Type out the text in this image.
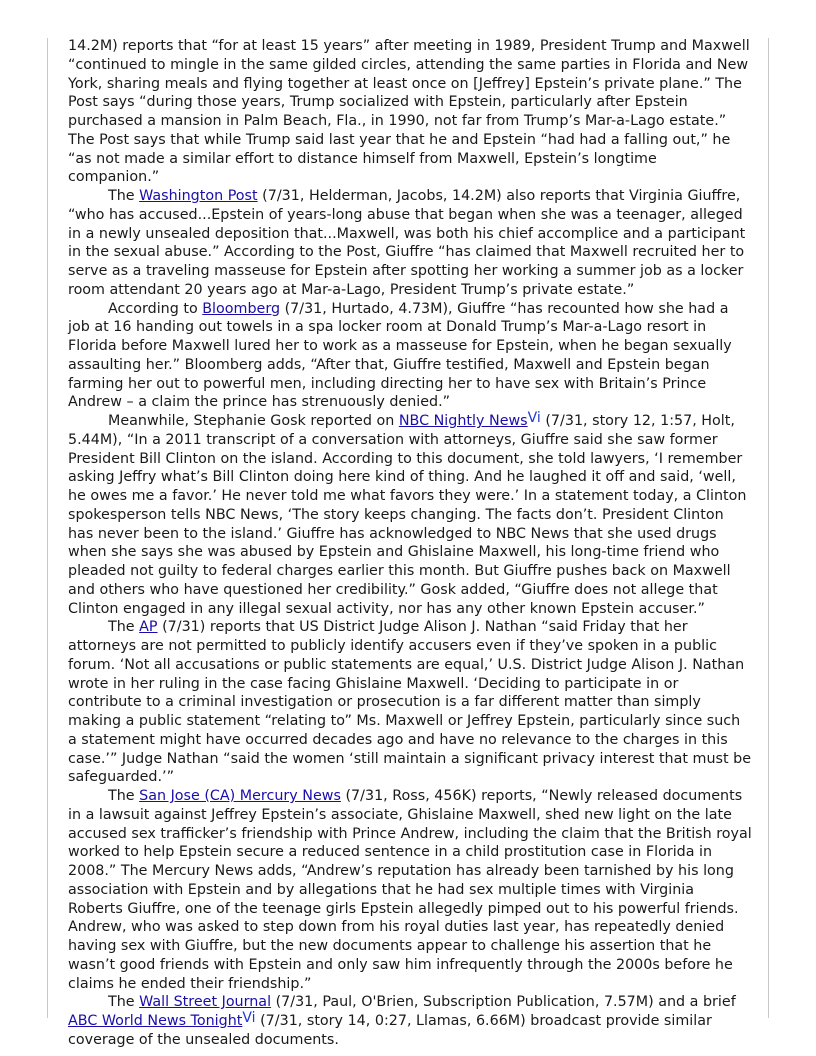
14.2M) reports that “for at least 15 years” after meeting in 1989, President Trump and Maxwell “continued to mingle in the same gilded circles, attending the same parties in Florida and New York, sharing meals and flying together at least once on [Jeffrey] Epstein’s private plane.” The Post says “during those years, Trump socialized with Epstein, particularly after Epstein purchased a mansion in Palm Beach, Fla., in 1990, not far from Trump’s Mar-a-Lago estate.” The Post says that while Trump said last year that he and Epstein “had had a falling out,” he “as not made a similar effort to distance himself from Maxwell, Epstein’s longtime companion.”

The Washington Post (7/31, Helderman, Jacobs, 14.2M) also reports that Virginia Giuffre, “who has accused...Epstein of years-long abuse that began when she was a teenager, alleged in a newly unsealed deposition that...Maxwell, was both his chief accomplice and a participant in the sexual abuse.” According to the Post, Giuffre “has claimed that Maxwell recruited her to serve as a traveling masseuse for Epstein after spotting her working a summer job as a locker room attendant 20 years ago at Mar-a-Lago, President Trump’s private estate.”

According to Bloomberg (7/31, Hurtado, 4.73M), Giuffre “has recounted how she had a job at 16 handing out towels in a spa locker room at Donald Trump’s Mar-a-Lago resort in Florida before Maxwell lured her to work as a masseuse for Epstein, when he began sexually assaulting her.” Bloomberg adds, “After that, Giuffre testified, Maxwell and Epstein began farming her out to powerful men, including directing her to have sex with Britain’s Prince Andrew – a claim the prince has strenuously denied.”

Meanwhile, Stephanie Gosk reported on NBC Nightly News$^{Vi}$ (7/31, story 12, 1:57, Holt, 5.44M), “In a 2011 transcript of a conversation with attorneys, Giuffre said she saw former President Bill Clinton on the island. According to this document, she told lawyers, ‘I remember asking Jeffry what’s Bill Clinton doing here kind of thing. And he laughed it off and said, ‘well, he owes me a favor.’ He never told me what favors they were.’ In a statement today, a Clinton spokesperson tells NBC News, ‘The story keeps changing. The facts don’t. President Clinton has never been to the island.’ Giuffre has acknowledged to NBC News that she used drugs when she says she was abused by Epstein and Ghislaine Maxwell, his long-time friend who pleaded not guilty to federal charges earlier this month. But Giuffre pushes back on Maxwell and others who have questioned her credibility.” Gosk added, “Giuffre does not allege that Clinton engaged in any illegal sexual activity, nor has any other known Epstein accuser.”

The AP (7/31) reports that US District Judge Alison J. Nathan “said Friday that her attorneys are not permitted to publicly identify accusers even if they’ve spoken in a public forum. ‘Not all accusations or public statements are equal,’ U.S. District Judge Alison J. Nathan wrote in her ruling in the case facing Ghislaine Maxwell. ‘Deciding to participate in or contribute to a criminal investigation or prosecution is a far different matter than simply making a public statement “relating to” Ms. Maxwell or Jeffrey Epstein, particularly since such a statement might have occurred decades ago and have no relevance to the charges in this case.’” Judge Nathan “said the women ‘still maintain a significant privacy interest that must be safeguarded.’”

The San Jose (CA) Mercury News (7/31, Ross, 456K) reports, “Newly released documents in a lawsuit against Jeffrey Epstein’s associate, Ghislaine Maxwell, shed new light on the late accused sex trafficker’s friendship with Prince Andrew, including the claim that the British royal worked to help Epstein secure a reduced sentence in a child prostitution case in Florida in 2008.” The Mercury News adds, “Andrew’s reputation has already been tarnished by his long association with Epstein and by allegations that he had sex multiple times with Virginia Roberts Giuffre, one of the teenage girls Epstein allegedly pimped out to his powerful friends. Andrew, who was asked to step down from his royal duties last year, has repeatedly denied having sex with Giuffre, but the new documents appear to challenge his assertion that he wasn’t good friends with Epstein and only saw him infrequently through the 2000s before he claims he ended their friendship.”

The Wall Street Journal (7/31, Paul, O'Brien, Subscription Publication, 7.57M) and a brief ABC World News Tonight$^{Vi}$ (7/31, story 14, 0:27, Llamas, 6.66M) broadcast provide similar coverage of the unsealed documents.
